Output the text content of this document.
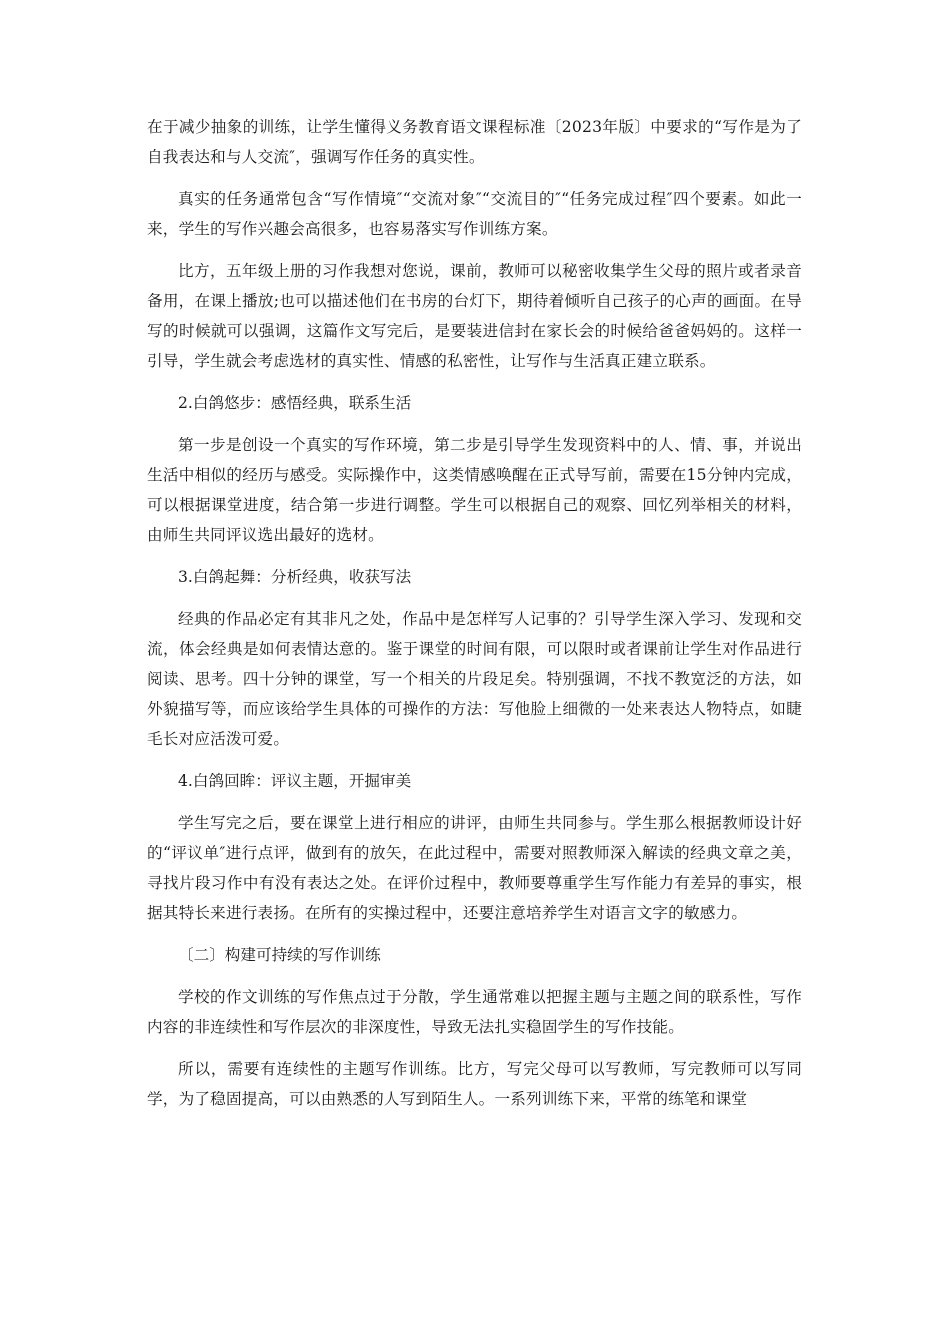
在于减少抽象的训练，让学生懂得义务教育语文课程标准〔2023年版〕中要求的“写作是为了自我表达和与人交流″，强调写作任务的真实性。

真实的任务通常包含“写作情境″“交流对象″“交流目的″“任务完成过程″四个要素。如此一来，学生的写作兴趣会高很多，也容易落实写作训练方案。

比方，五年级上册的习作我想对您说，课前，教师可以秘密收集学生父母的照片或者录音备用，在课上播放;也可以描述他们在书房的台灯下，期待着倾听自己孩子的心声的画面。在导写的时候就可以强调，这篇作文写完后，是要装进信封在家长会的时候给爸爸妈妈的。这样一引导，学生就会考虑选材的真实性、情感的私密性，让写作与生活真正建立联系。

2.白鸽悠步：感悟经典，联系生活

第一步是创设一个真实的写作环境，第二步是引导学生发现资料中的人、情、事，并说出生活中相似的经历与感受。实际操作中，这类情感唤醒在正式导写前，需要在15分钟内完成，可以根据课堂进度，结合第一步进行调整。学生可以根据自己的观察、回忆列举相关的材料，由师生共同评议选出最好的选材。

3.白鸽起舞：分析经典，收获写法

经典的作品必定有其非凡之处，作品中是怎样写人记事的？引导学生深入学习、发现和交流，体会经典是如何表情达意的。鉴于课堂的时间有限，可以限时或者课前让学生对作品进行阅读、思考。四十分钟的课堂，写一个相关的片段足矣。特别强调，不找不教宽泛的方法，如外貌描写等，而应该给学生具体的可操作的方法：写他脸上细微的一处来表达人物特点，如睫毛长对应活泼可爱。

4.白鸽回眸：评议主题，开掘审美

学生写完之后，要在课堂上进行相应的讲评，由师生共同参与。学生那么根据教师设计好的“评议单″进行点评，做到有的放矢，在此过程中，需要对照教师深入解读的经典文章之美，寻找片段习作中有没有表达之处。在评价过程中，教师要尊重学生写作能力有差异的事实，根据其特长来进行表扬。在所有的实操过程中，还要注意培养学生对语言文字的敏感力。

〔二〕构建可持续的写作训练

学校的作文训练的写作焦点过于分散，学生通常难以把握主题与主题之间的联系性，写作内容的非连续性和写作层次的非深度性，导致无法扎实稳固学生的写作技能。

所以，需要有连续性的主题写作训练。比方，写完父母可以写教师，写完教师可以写同学，为了稳固提高，可以由熟悉的人写到陌生人。一系列训练下来，平常的练笔和课堂
